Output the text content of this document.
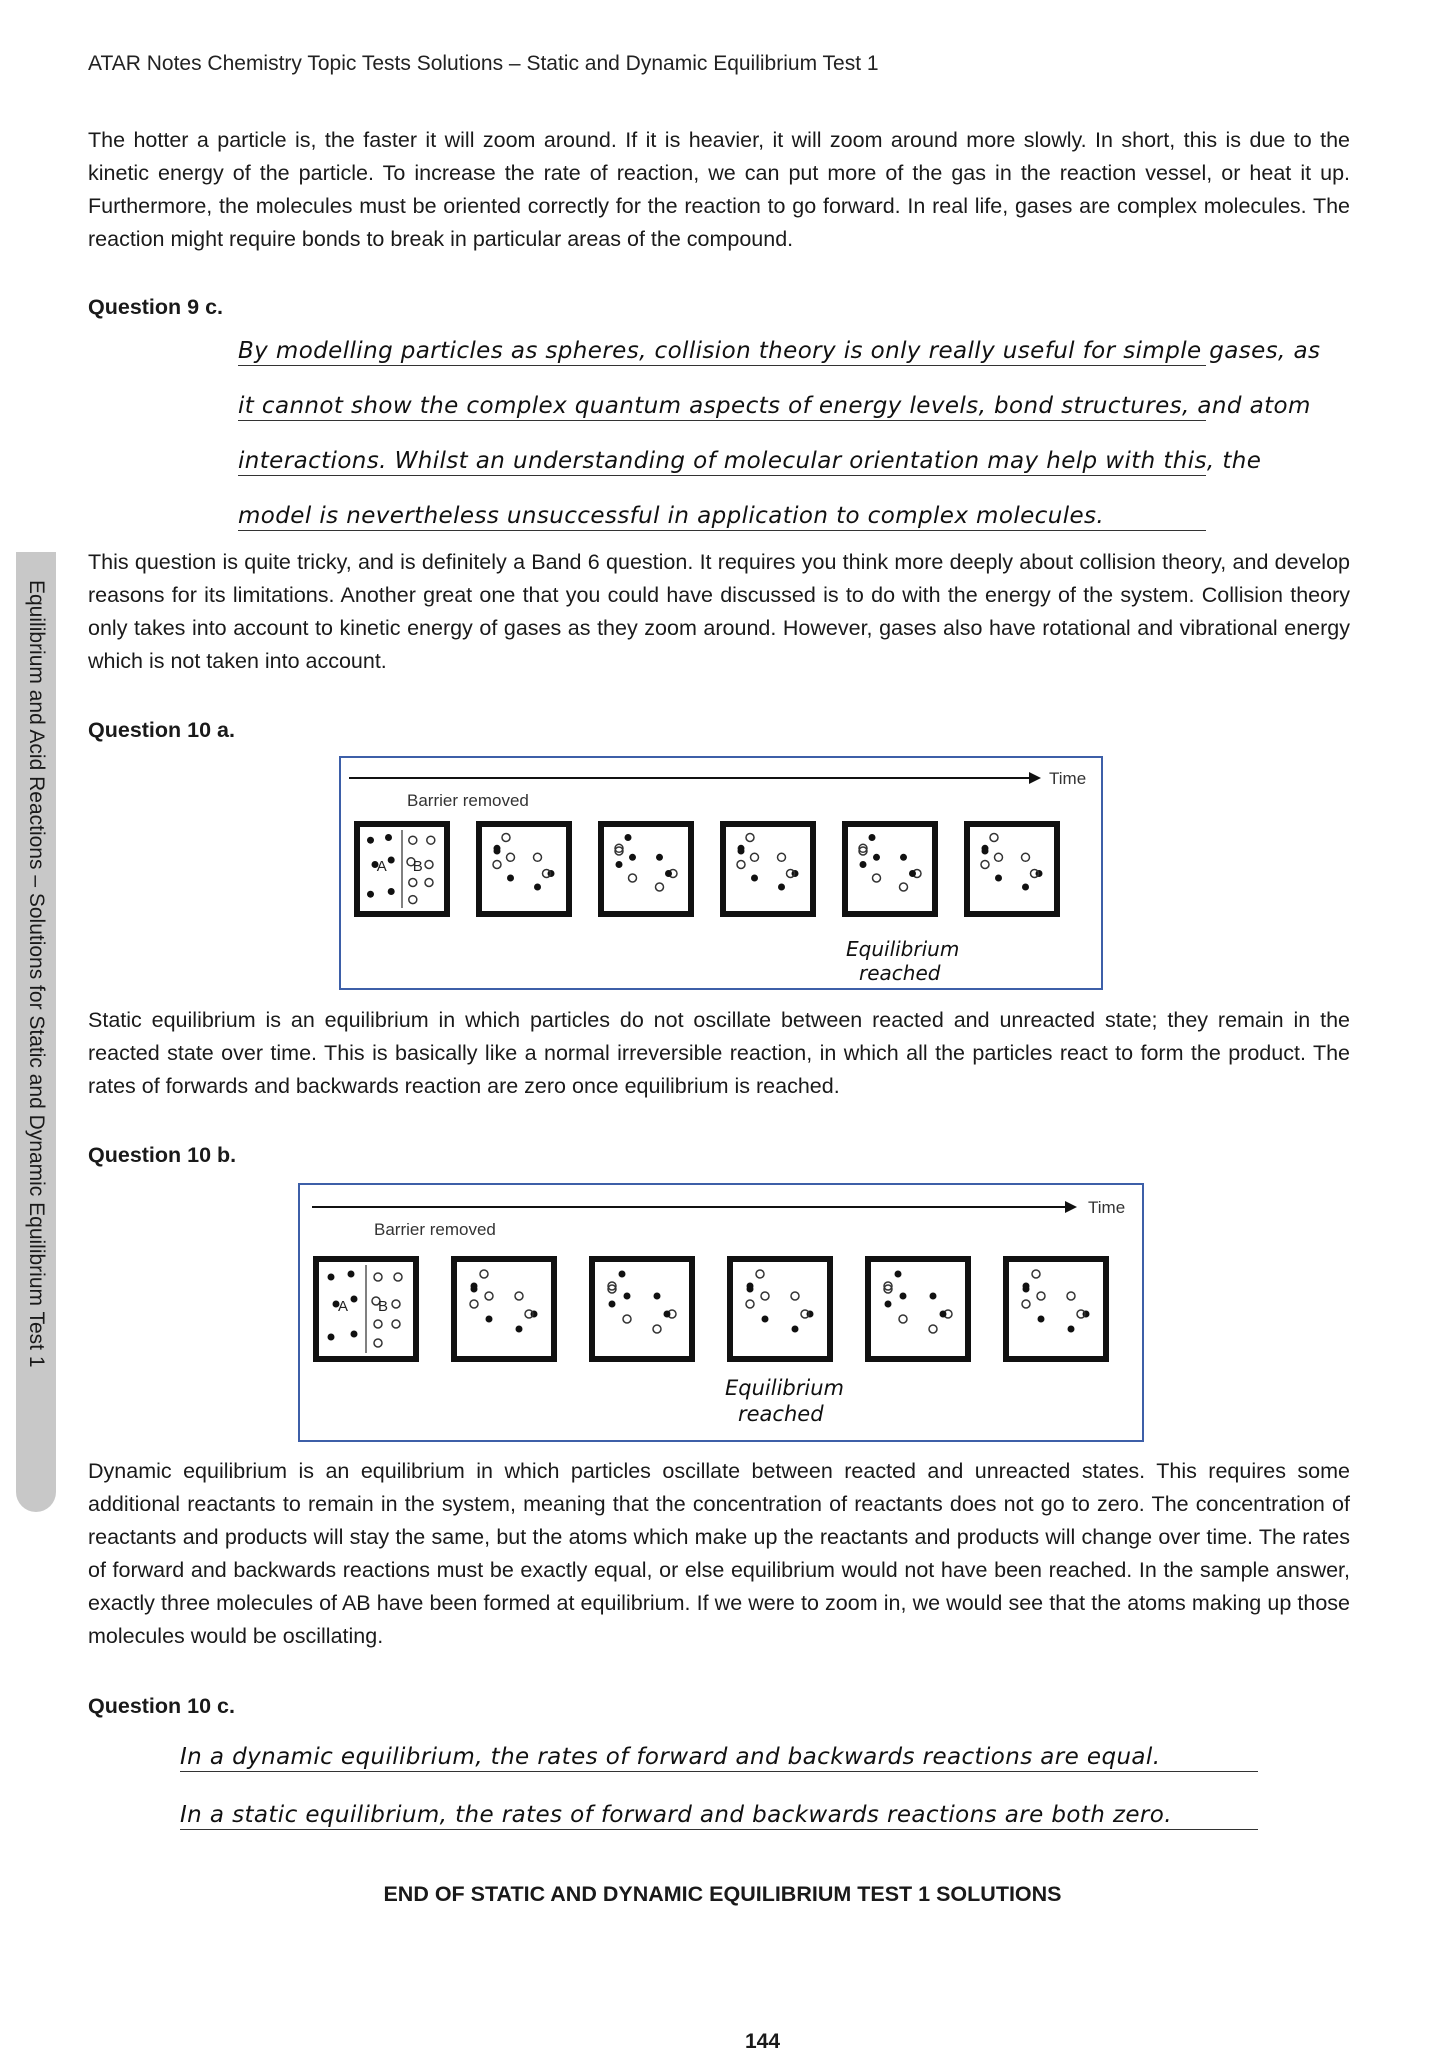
ATAR Notes Chemistry Topic Tests Solutions – Static and Dynamic Equilibrium Test 1
Equilibrium and Acid Reactions – Solutions for Static and Dynamic Equilibrium Test 1

The hotter a particle is, the faster it will zoom around. If it is heavier, it will zoom around more slowly. In short, this is due to the kinetic energy of the particle. To increase the rate of reaction, we can put more of the gas in the reaction vessel, or heat it up. Furthermore, the molecules must be oriented correctly for the reaction to go forward. In real life, gases are complex molecules. The reaction might require bonds to break in particular areas of the compound.

Question 9 c.
By modelling particles as spheres, collision theory is only really useful for simple gases, as
it cannot show the complex quantum aspects of energy levels, bond structures, and atom
interactions. Whilst an understanding of molecular orientation may help with this, the
model is nevertheless unsuccessful in application to complex molecules.

This question is quite tricky, and is definitely a Band 6 question. It requires you think more deeply about collision theory, and develop reasons for its limitations. Another great one that you could have discussed is to do with the energy of the system. Collision theory only takes into account to kinetic energy of gases as they zoom around. However, gases also have rotational and vibrational energy which is not taken into account.

Question 10 a.
Time
Barrier removed
A B
Equilibrium
reached

Static equilibrium is an equilibrium in which particles do not oscillate between reacted and unreacted state; they remain in the reacted state over time. This is basically like a normal irreversible reaction, in which all the particles react to form the product. The rates of forwards and backwards reaction are zero once equilibrium is reached.

Question 10 b.
Time
Barrier removed
A B
Equilibrium
reached

Dynamic equilibrium is an equilibrium in which particles oscillate between reacted and unreacted states. This requires some additional reactants to remain in the system, meaning that the concentration of reactants does not go to zero. The concentration of reactants and products will stay the same, but the atoms which make up the reactants and products will change over time. The rates of forward and backwards reactions must be exactly equal, or else equilibrium would not have been reached. In the sample answer, exactly three molecules of AB have been formed at equilibrium. If we were to zoom in, we would see that the atoms making up those molecules would be oscillating.

Question 10 c.
In a dynamic equilibrium, the rates of forward and backwards reactions are equal.
In a static equilibrium, the rates of forward and backwards reactions are both zero.
END OF STATIC AND DYNAMIC EQUILIBRIUM TEST 1 SOLUTIONS
144
